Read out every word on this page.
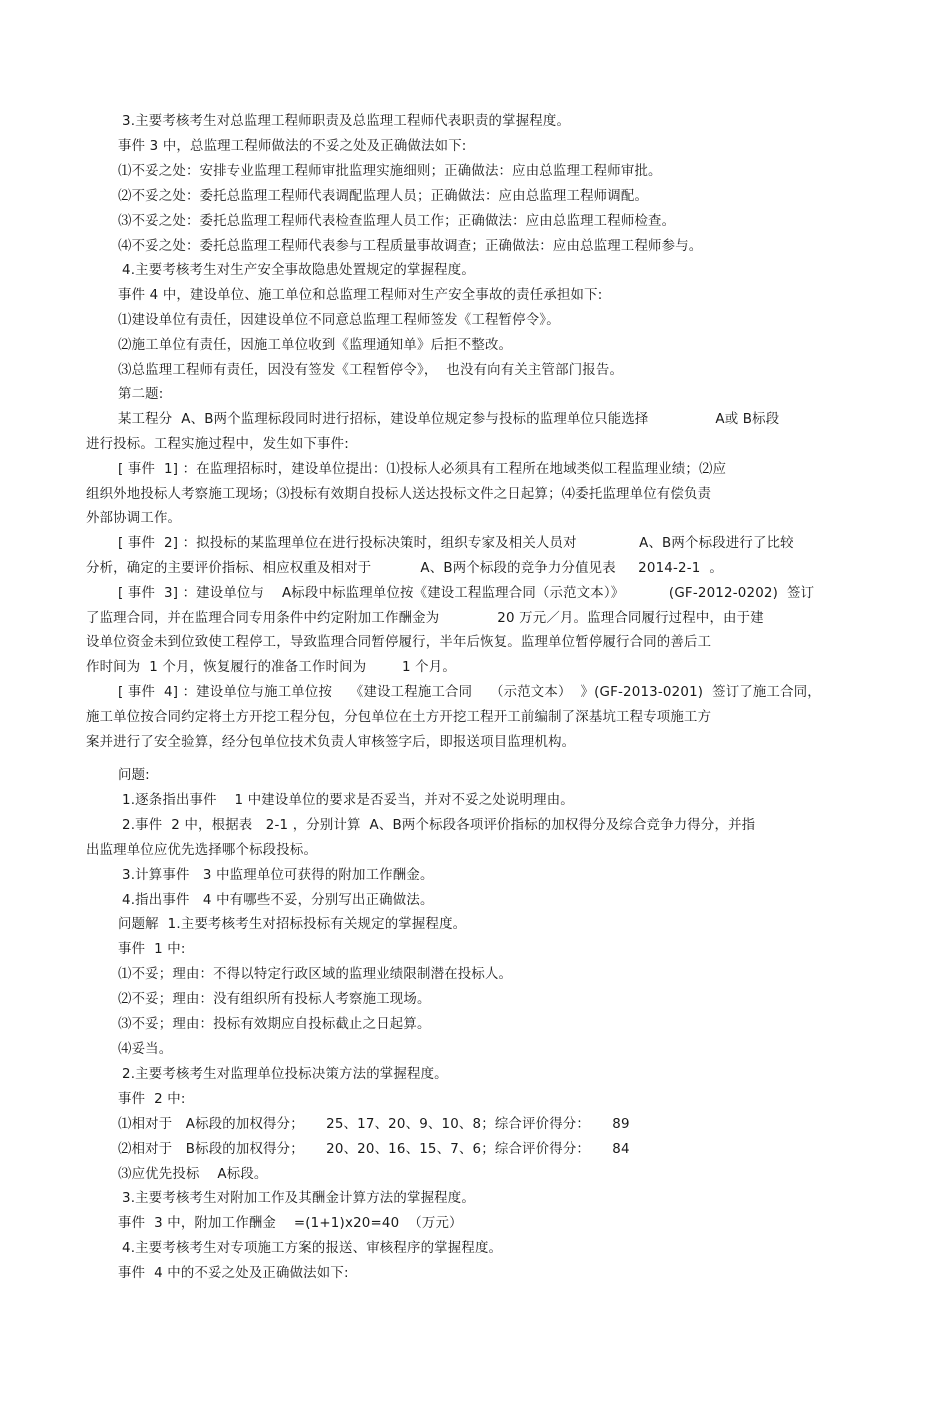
3.主要考核考生对总监理工程师职责及总监理工程师代表职责的掌握程度。
事件 3 中，总监理工程师做法的不妥之处及正确做法如下:
⑴不妥之处：安排专业监理工程师审批监理实施细则；正确做法：应由总监理工程师审批。
⑵不妥之处：委托总监理工程师代表调配监理人员；正确做法：应由总监理工程师调配。
⑶不妥之处：委托总监理工程师代表检查监理人员工作；正确做法：应由总监理工程师检查。
⑷不妥之处：委托总监理工程师代表参与工程质量事故调查；正确做法：应由总监理工程师参与。
4.主要考核考生对生产安全事故隐患处置规定的掌握程度。
事件 4 中，建设单位、施工单位和总监理工程师对生产安全事故的责任承担如下:
⑴建设单位有责任，因建设单位不同意总监理工程师签发《工程暂停令》。
⑵施工单位有责任，因施工单位收到《监理通知单》后拒不整改。
⑶总监理工程师有责任，因没有签发《工程暂停令》，  也没有向有关主管部门报告。
第二题:
某工程分  A、B两个监理标段同时进行招标，建设单位规定参与投标的监理单位只能选择               A或 B标段
进行投标。工程实施过程中，发生如下事件:
[ 事件  1] ：在监理招标时，建设单位提出：⑴投标人必须具有工程所在地域类似工程监理业绩；⑵应
组织外地投标人考察施工现场；⑶投标有效期自投标人送达投标文件之日起算；⑷委托监理单位有偿负责
外部协调工作。
[ 事件  2] ：拟投标的某监理单位在进行投标决策时，组织专家及相关人员对              A、B两个标段进行了比较
分析，确定的主要评价指标、相应权重及相对于           A、B两个标段的竞争力分值见表     2014-2-1  。
[ 事件  3] ：建设单位与    A标段中标监理单位按《建设工程监理合同（示范文本）》          (GF-2012-0202)  签订
了监理合同，并在监理合同专用条件中约定附加工作酬金为             20 万元／月。监理合同履行过程中，由于建
设单位资金未到位致使工程停工，导致监理合同暂停履行，半年后恢复。监理单位暂停履行合同的善后工
作时间为  1 个月，恢复履行的准备工作时间为        1 个月。
[ 事件  4] ：建设单位与施工单位按    《建设工程施工合同    （示范文本）  》(GF-2013-0201)  签订了施工合同，
施工单位按合同约定将土方开挖工程分包，分包单位在土方开挖工程开工前编制了深基坑工程专项施工方
案并进行了安全验算，经分包单位技术负责人审核签字后，即报送项目监理机构。
问题:
1.逐条指出事件    1 中建设单位的要求是否妥当，并对不妥之处说明理由。
2.事件  2 中，根据表   2-1 ，分别计算  A、B两个标段各项评价指标的加权得分及综合竞争力得分，并指
出监理单位应优先选择哪个标段投标。
3.计算事件   3 中监理单位可获得的附加工作酬金。
4.指出事件   4 中有哪些不妥，分别写出正确做法。
问题解  1.主要考核考生对招标投标有关规定的掌握程度。
事件  1 中:
⑴不妥；理由：不得以特定行政区域的监理业绩限制潜在投标人。
⑵不妥；理由：没有组织所有投标人考察施工现场。
⑶不妥；理由：投标有效期应自投标截止之日起算。
⑷妥当。
2.主要考核考生对监理单位投标决策方法的掌握程度。
事件  2 中:
⑴相对于   A标段的加权得分；     25、17、20、9、10、8；综合评价得分：     89
⑵相对于   B标段的加权得分；     20、20、16、15、7、6；综合评价得分：     84
⑶应优先投标    A标段。
3.主要考核考生对附加工作及其酬金计算方法的掌握程度。
事件  3 中，附加工作酬金    =(1+1)x20=40  （万元）
4.主要考核考生对专项施工方案的报送、审核程序的掌握程度。
事件  4 中的不妥之处及正确做法如下:
